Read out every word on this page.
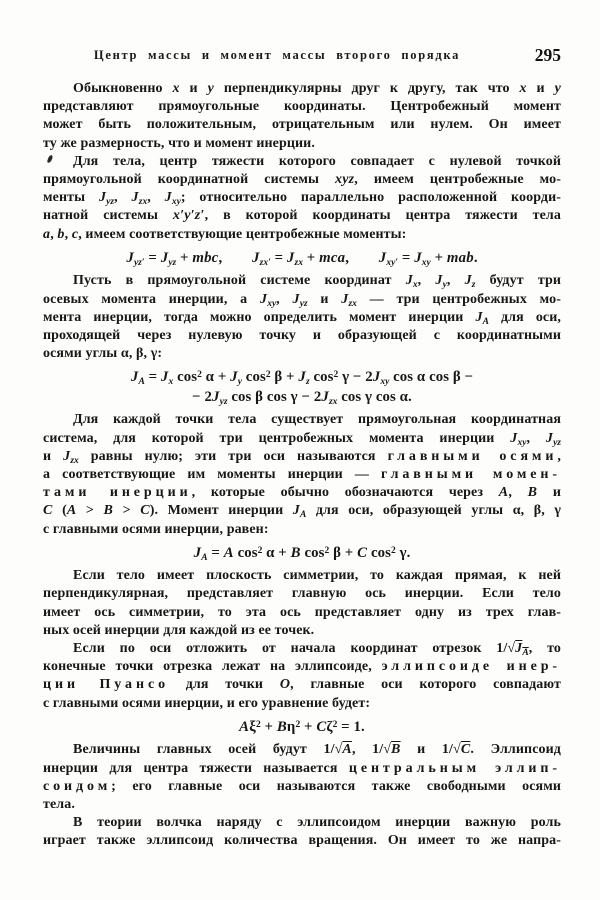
Центр массы и момент массы второго порядка	295
Обыкновенно x и y перпендикулярны друг к другу, так что x и y
представляют прямоугольные координаты. Центробежный момент
может быть положительным, отрицательным или нулем. Он имеет
ту же размерность, что и момент инерции.
Для тела, центр тяжести которого совпадает с нулевой точкой
прямоугольной координатной системы xyz, имеем центробежные мо-
менты $J_{yz}$, $J_{zx}$, $J_{xy}$; относительно параллельно расположенной коорди-
натной системы x′y′z′, в которой координаты центра тяжести тела
a, b, c, имеем соответствующие центробежные моменты:
$J_{yz'} = J_{yz}$ + mbc,  $J_{zx'} = J_{zx}$ + mca,  $J_{xy'} = J_{xy}$ + mab.
Пусть в прямоугольной системе координат $J_x$, $J_y$, $J_z$ будут три
осевых момента инерции, а $J_{xy}$, $J_{yz}$ и $J_{zx}$ — три центробежных мо-
мента инерции, тогда можно определить момент инерции $J_A$ для оси,
проходящей через нулевую точку и образующей с координатными
осями углы α, β, γ:
$J_A = J_x$ $\cos^2 \alpha + J_y$ $\cos^2 \beta + J_z$ $\cos^2 \gamma - 2J_{xy}$ cos α cos β −
− $2J_{yz}$ cos β $\cos \gamma - 2J_{zx}$ cos γ cos α.
Для каждой точки тела существует прямоугольная координатная
система, для которой три центробежных момента инерции $J_{xy}$, $J_{yz}$
и $J_{zx}$ равны нулю; эти три оси называются главными осями,
а соответствующие им моменты инерции — главными момен-
тами инерции, которые обычно обозначаются через A, B и
C (A > B > C). Момент инерции $J_A$ для оси, образующей углы α, β, γ
с главными осями инерции, равен:
$J_A = A$ $\cos^2 \alpha + B$ $\cos^2 \beta + C$ $\cos^2 \gamma$.
Если тело имеет плоскость симметрии, то каждая прямая, к ней
перпендикулярная, представляет главную ось инерции. Если тело
имеет ось симметрии, то эта ось представляет одну из трех глав-
ных осей инерции для каждой из ее точек.
Если по оси отложить от начала координат отрезок $1/√J_A$, то
конечные точки отрезка лежат на эллипсоиде, эллипсоиде инер-
ции Пуансо для точки O, главные оси которого совпадают
с главными осями инерции, и его уравнение будет:
$A\xi^2 + B\eta^2 + C\zeta^2 = 1$.
Величины главных осей будут 1/√A, 1/√B и 1/√C. Эллипсоид
инерции для центра тяжести называется центральным эллип-
соидом; его главные оси называются также свободными осями
тела.
В теории волчка наряду с эллипсоидом инерции важную роль
играет также эллипсоид количества вращения. Он имеет то же напра-
